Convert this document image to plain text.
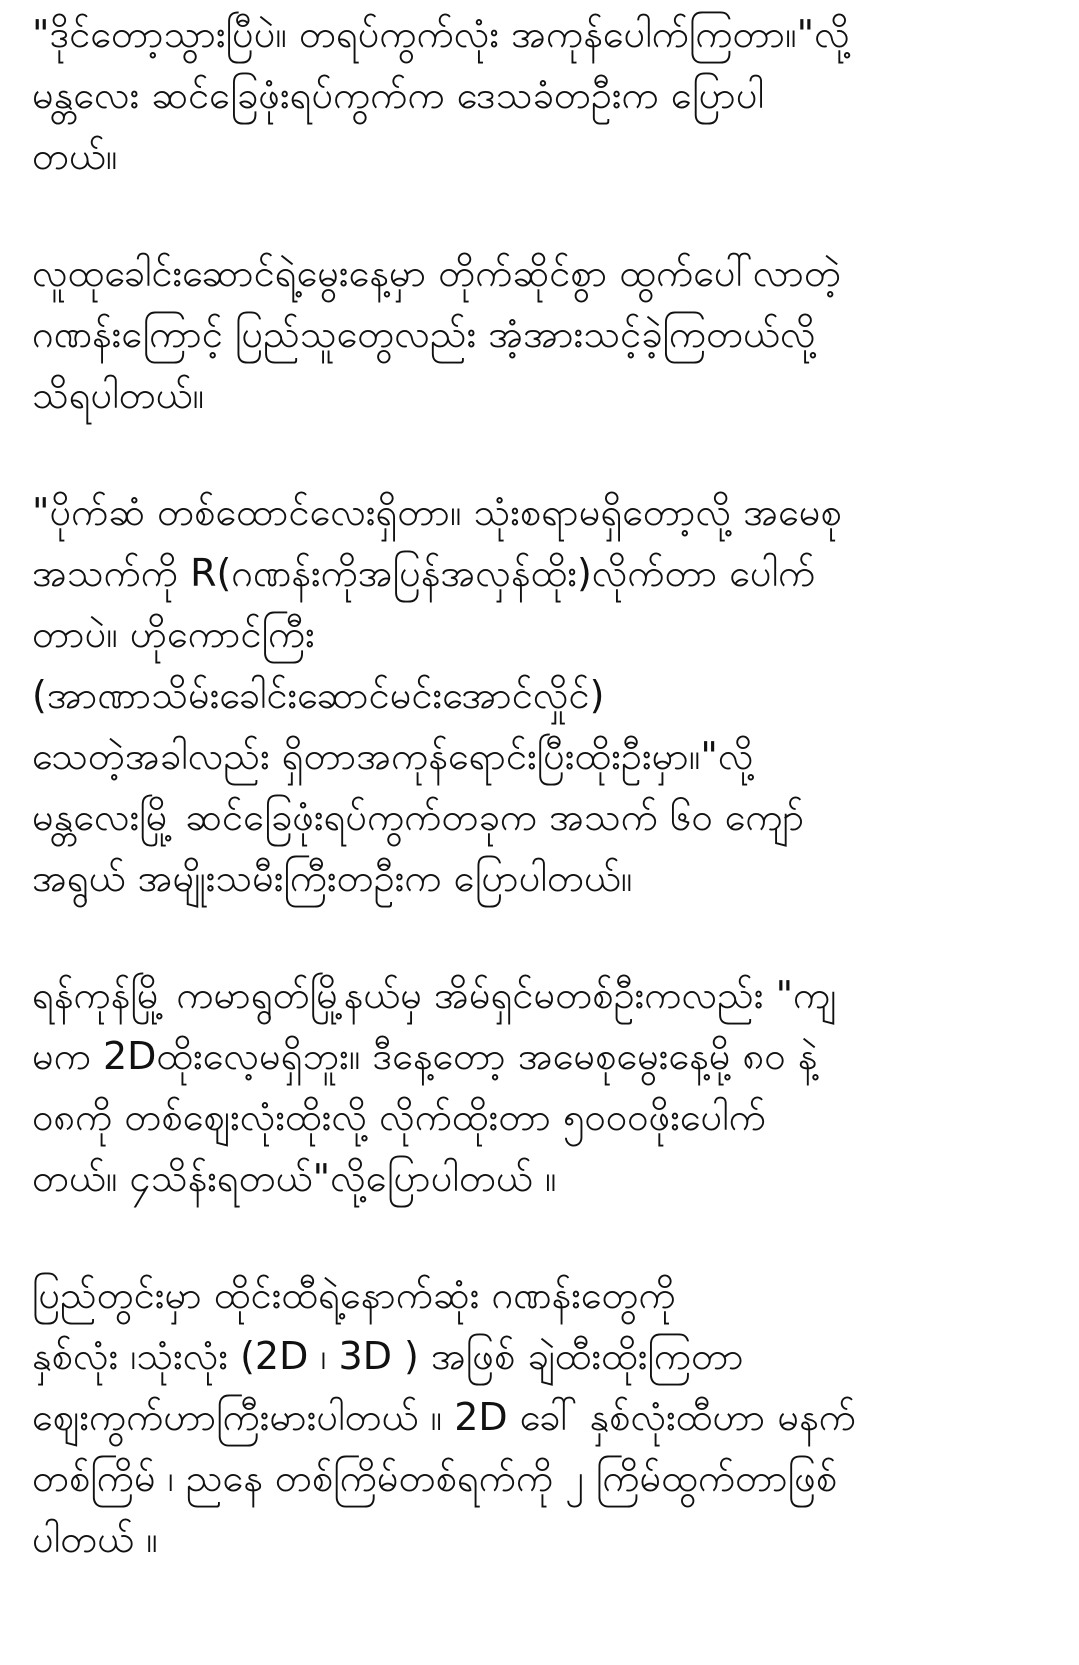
"ဒိုင်တော့သွားပြီပဲ။ တရပ်ကွက်လုံး အကုန်ပေါက်ကြတာ။"လို့
မန္တလေး ဆင်ခြေဖုံးရပ်ကွက်က ဒေသခံတဦးက ပြောပါ
တယ်။
လူထုခေါင်းဆောင်ရဲ့မွေးနေ့မှာ တိုက်ဆိုင်စွာ ထွက်ပေါ်လာတဲ့
ဂဏန်းကြောင့် ပြည်သူတွေလည်း အံ့အားသင့်ခဲ့ကြတယ်လို့
သိရပါတယ်။
"ပိုက်ဆံ တစ်ထောင်လေးရှိတာ။ သုံးစရာမရှိတော့လို့ အမေစု
အသက်ကို R(ဂဏန်းကိုအပြန်အလှန်ထိုး)လိုက်တာ ပေါက်
တာပဲ။ ဟိုကောင်ကြီး
(အာဏာသိမ်းခေါင်းဆောင်မင်းအောင်လှိုင်)
သေတဲ့အခါလည်း ရှိတာအကုန်ရောင်းပြီးထိုးဦးမှာ။"လို့
မန္တလေးမြို့ ဆင်ခြေဖုံးရပ်ကွက်တခုက အသက် ၆၀ ကျော်
အရွယ် အမျိုးသမီးကြီးတဦးက ပြောပါတယ်။
ရန်ကုန်မြို့ ကမာရွတ်မြို့နယ်မှ အိမ်ရှင်မတစ်ဦးကလည်း "ကျ
မက 2Dထိုးလေ့မရှိဘူး။ ဒီနေ့တော့ အမေစုမွေးနေ့မို့ ၈၀ နဲ့
၀၈ကို တစ်ဈေးလုံးထိုးလို့ လိုက်ထိုးတာ ၅၀၀၀ဖိုးပေါက်
တယ်။ ၄သိန်းရတယ်"လို့ပြောပါတယ် ။
ပြည်တွင်းမှာ ထိုင်းထီရဲ့နောက်ဆုံး ဂဏန်းတွေကို
နှစ်လုံး ၊သုံးလုံး (2D ၊ 3D ) အဖြစ် ချဲထီးထိုးကြတာ
ဈေးကွက်ဟာကြီးမားပါတယ် ။ 2D ခေါ် နှစ်လုံးထီဟာ မနက်
တစ်ကြိမ် ၊ ညနေ တစ်ကြိမ်တစ်ရက်ကို ၂ ကြိမ်ထွက်တာဖြစ်
ပါတယ် ။
